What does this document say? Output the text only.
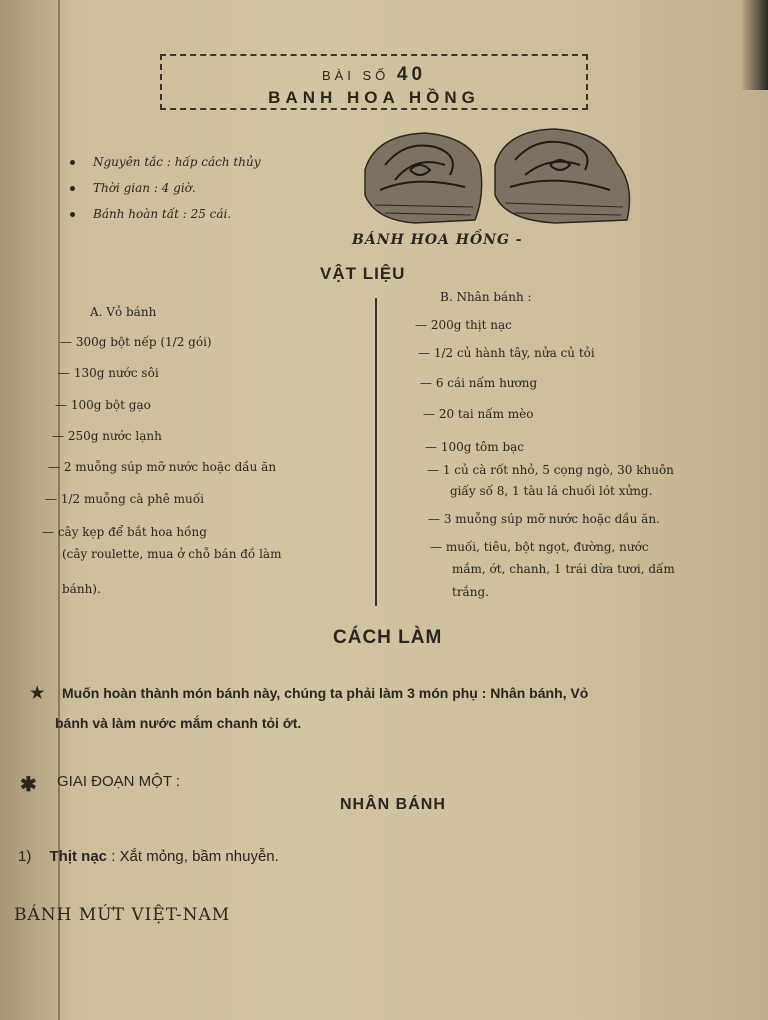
BÀI SỐ 40
BANH HOA HỒNG
Nguyên tắc : hấp cách thủy
Thời gian : 4 giờ.
Bánh hoàn tất : 25 cái.
BÁNH HOA HỒNG -
VẬT LIỆU
A. Vỏ bánh
— 300g bột nếp (1/2 gói)
— 130g nước sôi
— 100g bột gạo
— 250g nước lạnh
— 2 muỗng súp mỡ nước hoặc dầu ăn
— 1/2 muỗng cà phê muối
— cây kẹp để bắt hoa hồng
(cây roulette, mua ở chỗ bán đồ làm
bánh).
B. Nhân bánh :
— 200g thịt nạc
— 1/2 củ hành tây, nửa củ tỏi
— 6 cái nấm hương
— 20 tai nấm mèo
— 100g tôm bạc
— 1 củ cà rốt nhỏ, 5 cọng ngò, 30 khuôn
giấy số 8, 1 tàu lá chuối lót xửng.
— 3 muỗng súp mỡ nước hoặc dầu ăn.
— muối, tiêu, bột ngọt, đường, nước
mắm, ớt, chanh, 1 trái dừa tươi, dấm
trắng.
CÁCH LÀM
★ Muốn hoàn thành món bánh này, chúng ta phải làm 3 món phụ : Nhân bánh, Vỏ
bánh và làm nước mắm chanh tỏi ớt.
✱ GIAI ĐOẠN MỘT :
NHÂN BÁNH
1) Thịt nạc : Xắt mỏng, bầm nhuyễn.
BÁNH MỨT VIỆT-NAM
